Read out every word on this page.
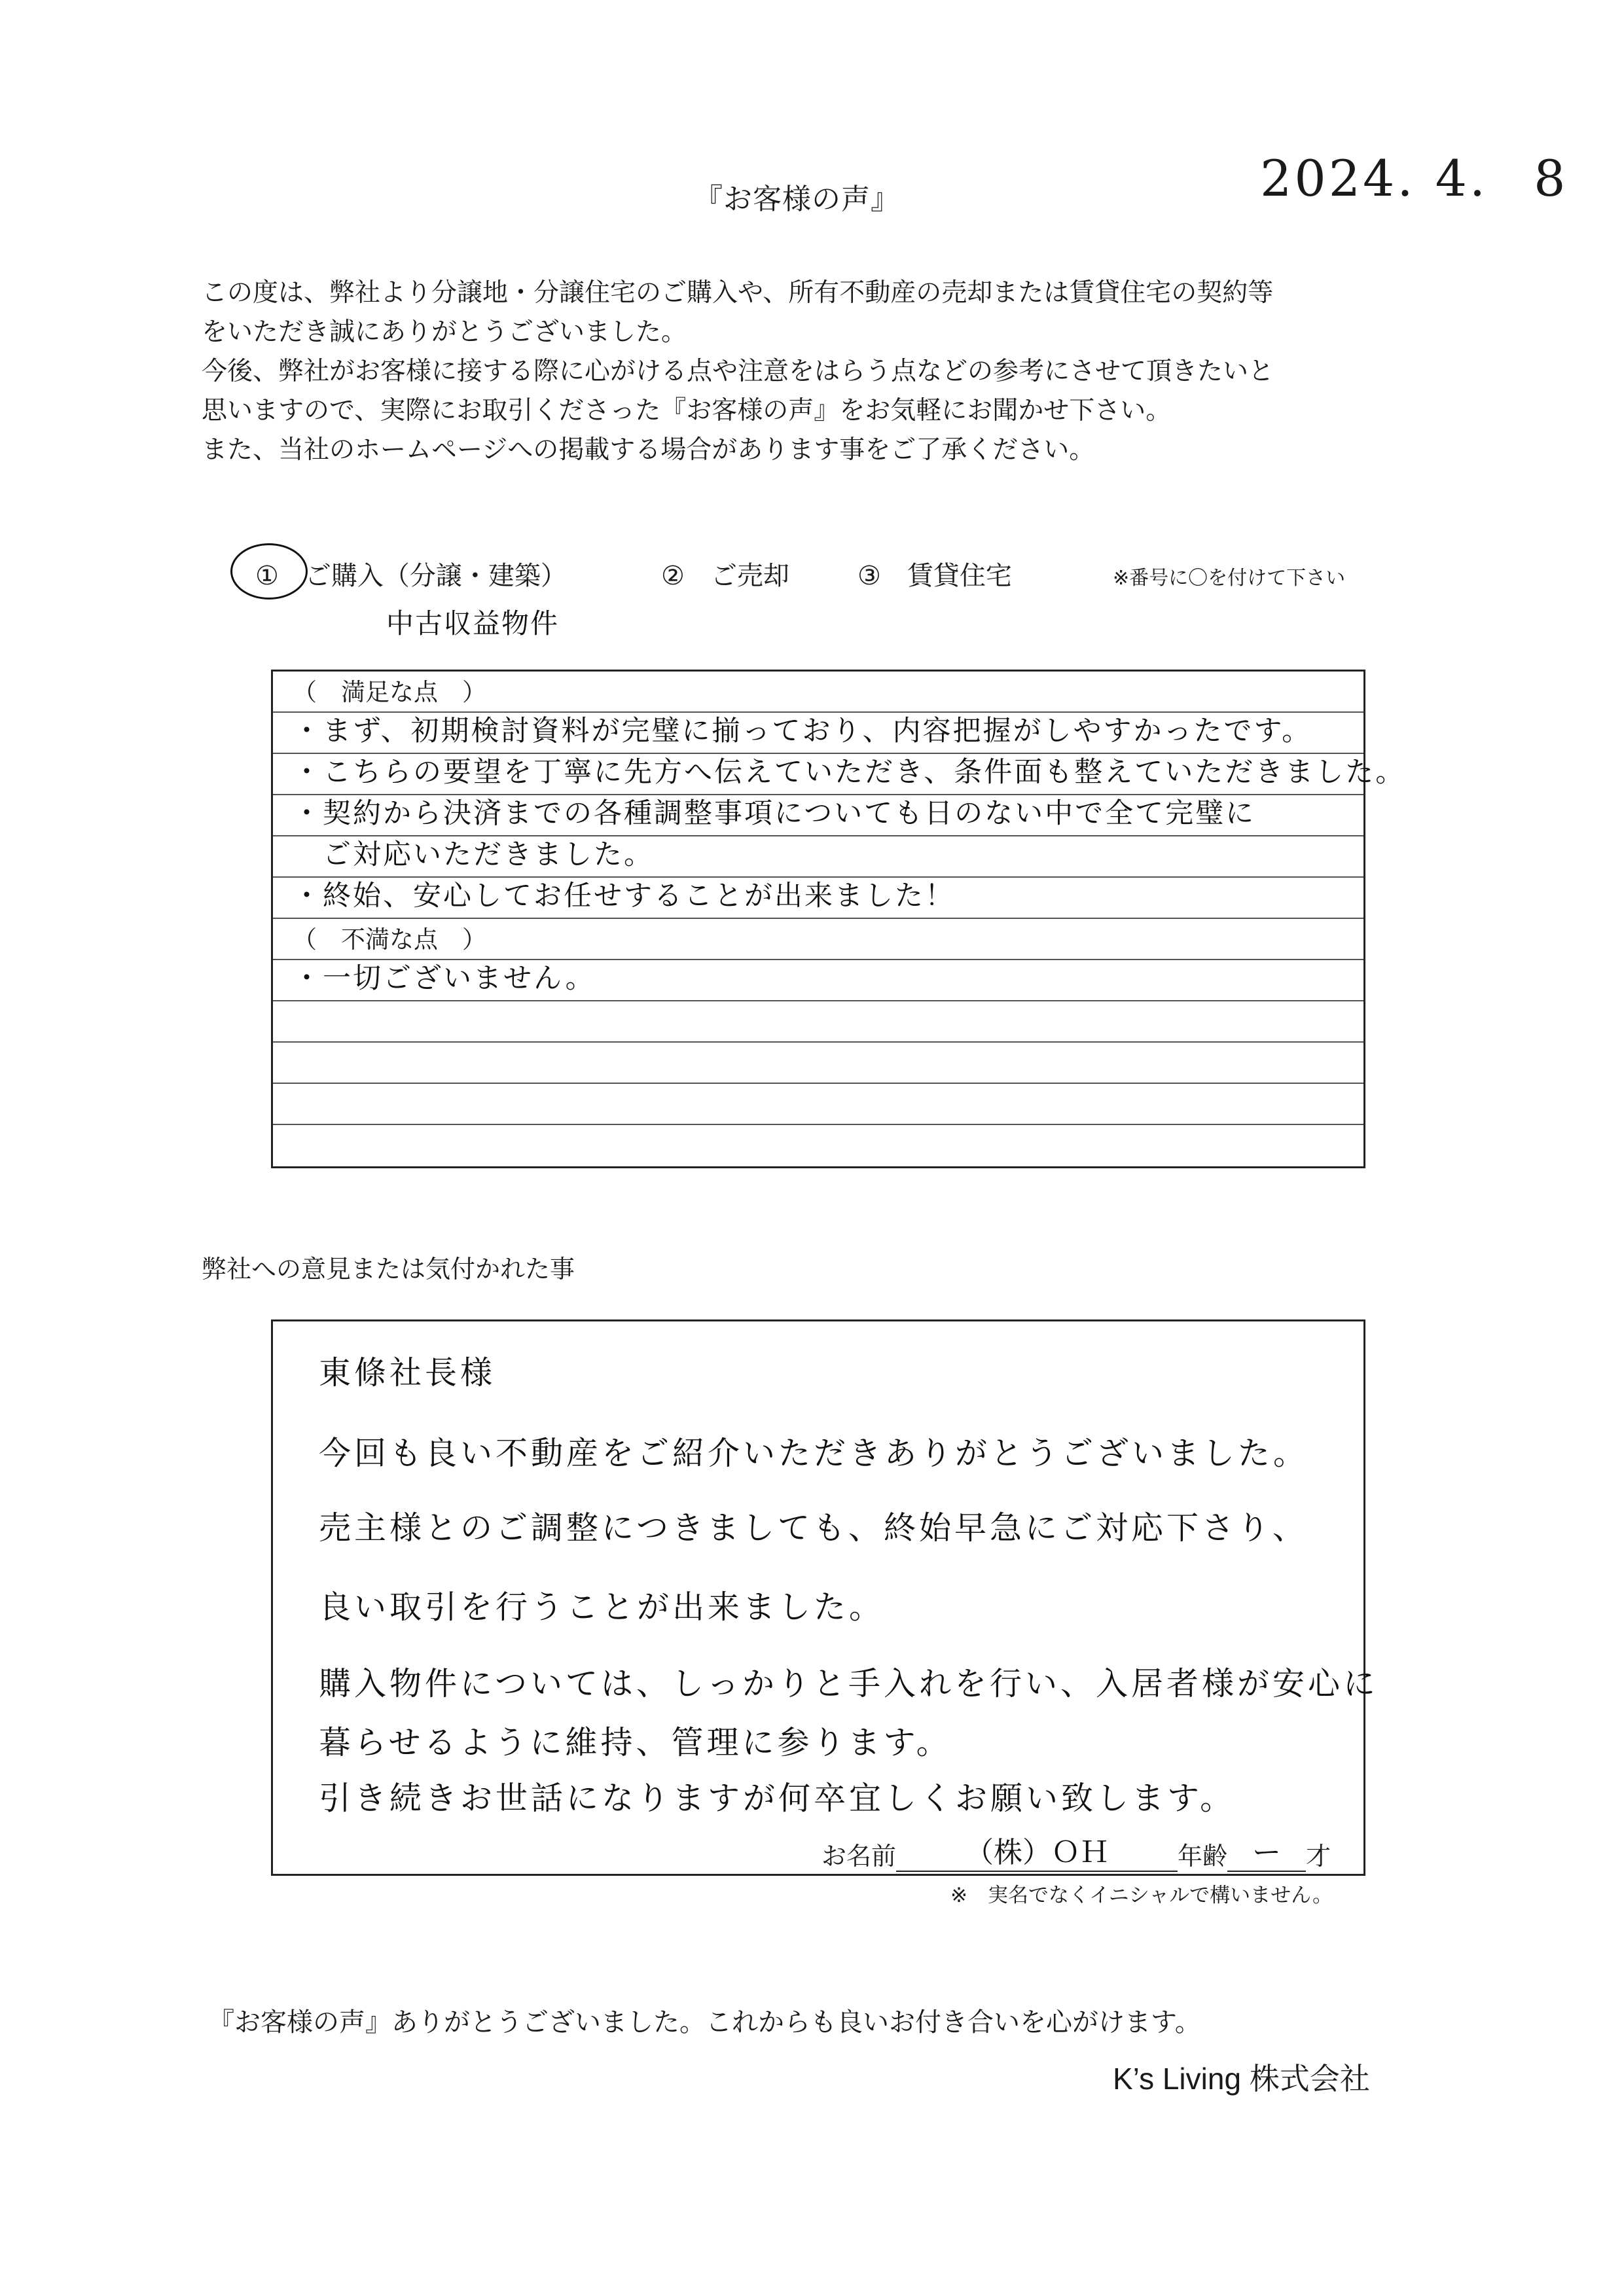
『お客様の声』	2024. 4. 8
この度は、弊社より分譲地・分譲住宅のご購入や、所有不動産の売却または賃貸住宅の契約等
をいただき誠にありがとうございました。
今後、弊社がお客様に接する際に心がける点や注意をはらう点などの参考にさせて頂きたいと
思いますので、実際にお取引くださった『お客様の声』をお気軽にお聞かせ下さい。
また、当社のホームページへの掲載する場合があります事をご了承ください。
①　ご購入（分譲・建築）	②　ご売却	③　賃貸住宅	※番号に〇を付けて下さい
中古収益物件
（　満足な点　）
・まず、初期検討資料が完璧に揃っており、内容把握がしやすかったです。
・こちらの要望を丁寧に先方へ伝えていただき、条件面も整えていただきました。
・契約から決済までの各種調整事項についても日のない中で全て完璧に
　ご対応いただきました。
・終始、安心してお任せすることが出来ました！
（　不満な点　）
・一切ございません。
弊社への意見または気付かれた事
東條社長様
今回も良い不動産をご紹介いただきありがとうございました。
売主様とのご調整につきましても、終始早急にご対応下さり、
良い取引を行うことが出来ました。
購入物件については、しっかりと手入れを行い、入居者様が安心に
暮らせるように維持、管理に参ります。
引き続きお世話になりますが何卒宜しくお願い致します。
お名前	（株）ＯＨ	年齢 ー	才
※　実名でなくイニシャルで構いません。
『お客様の声』ありがとうございました。これからも良いお付き合いを心がけます。
K’s Living 株式会社
